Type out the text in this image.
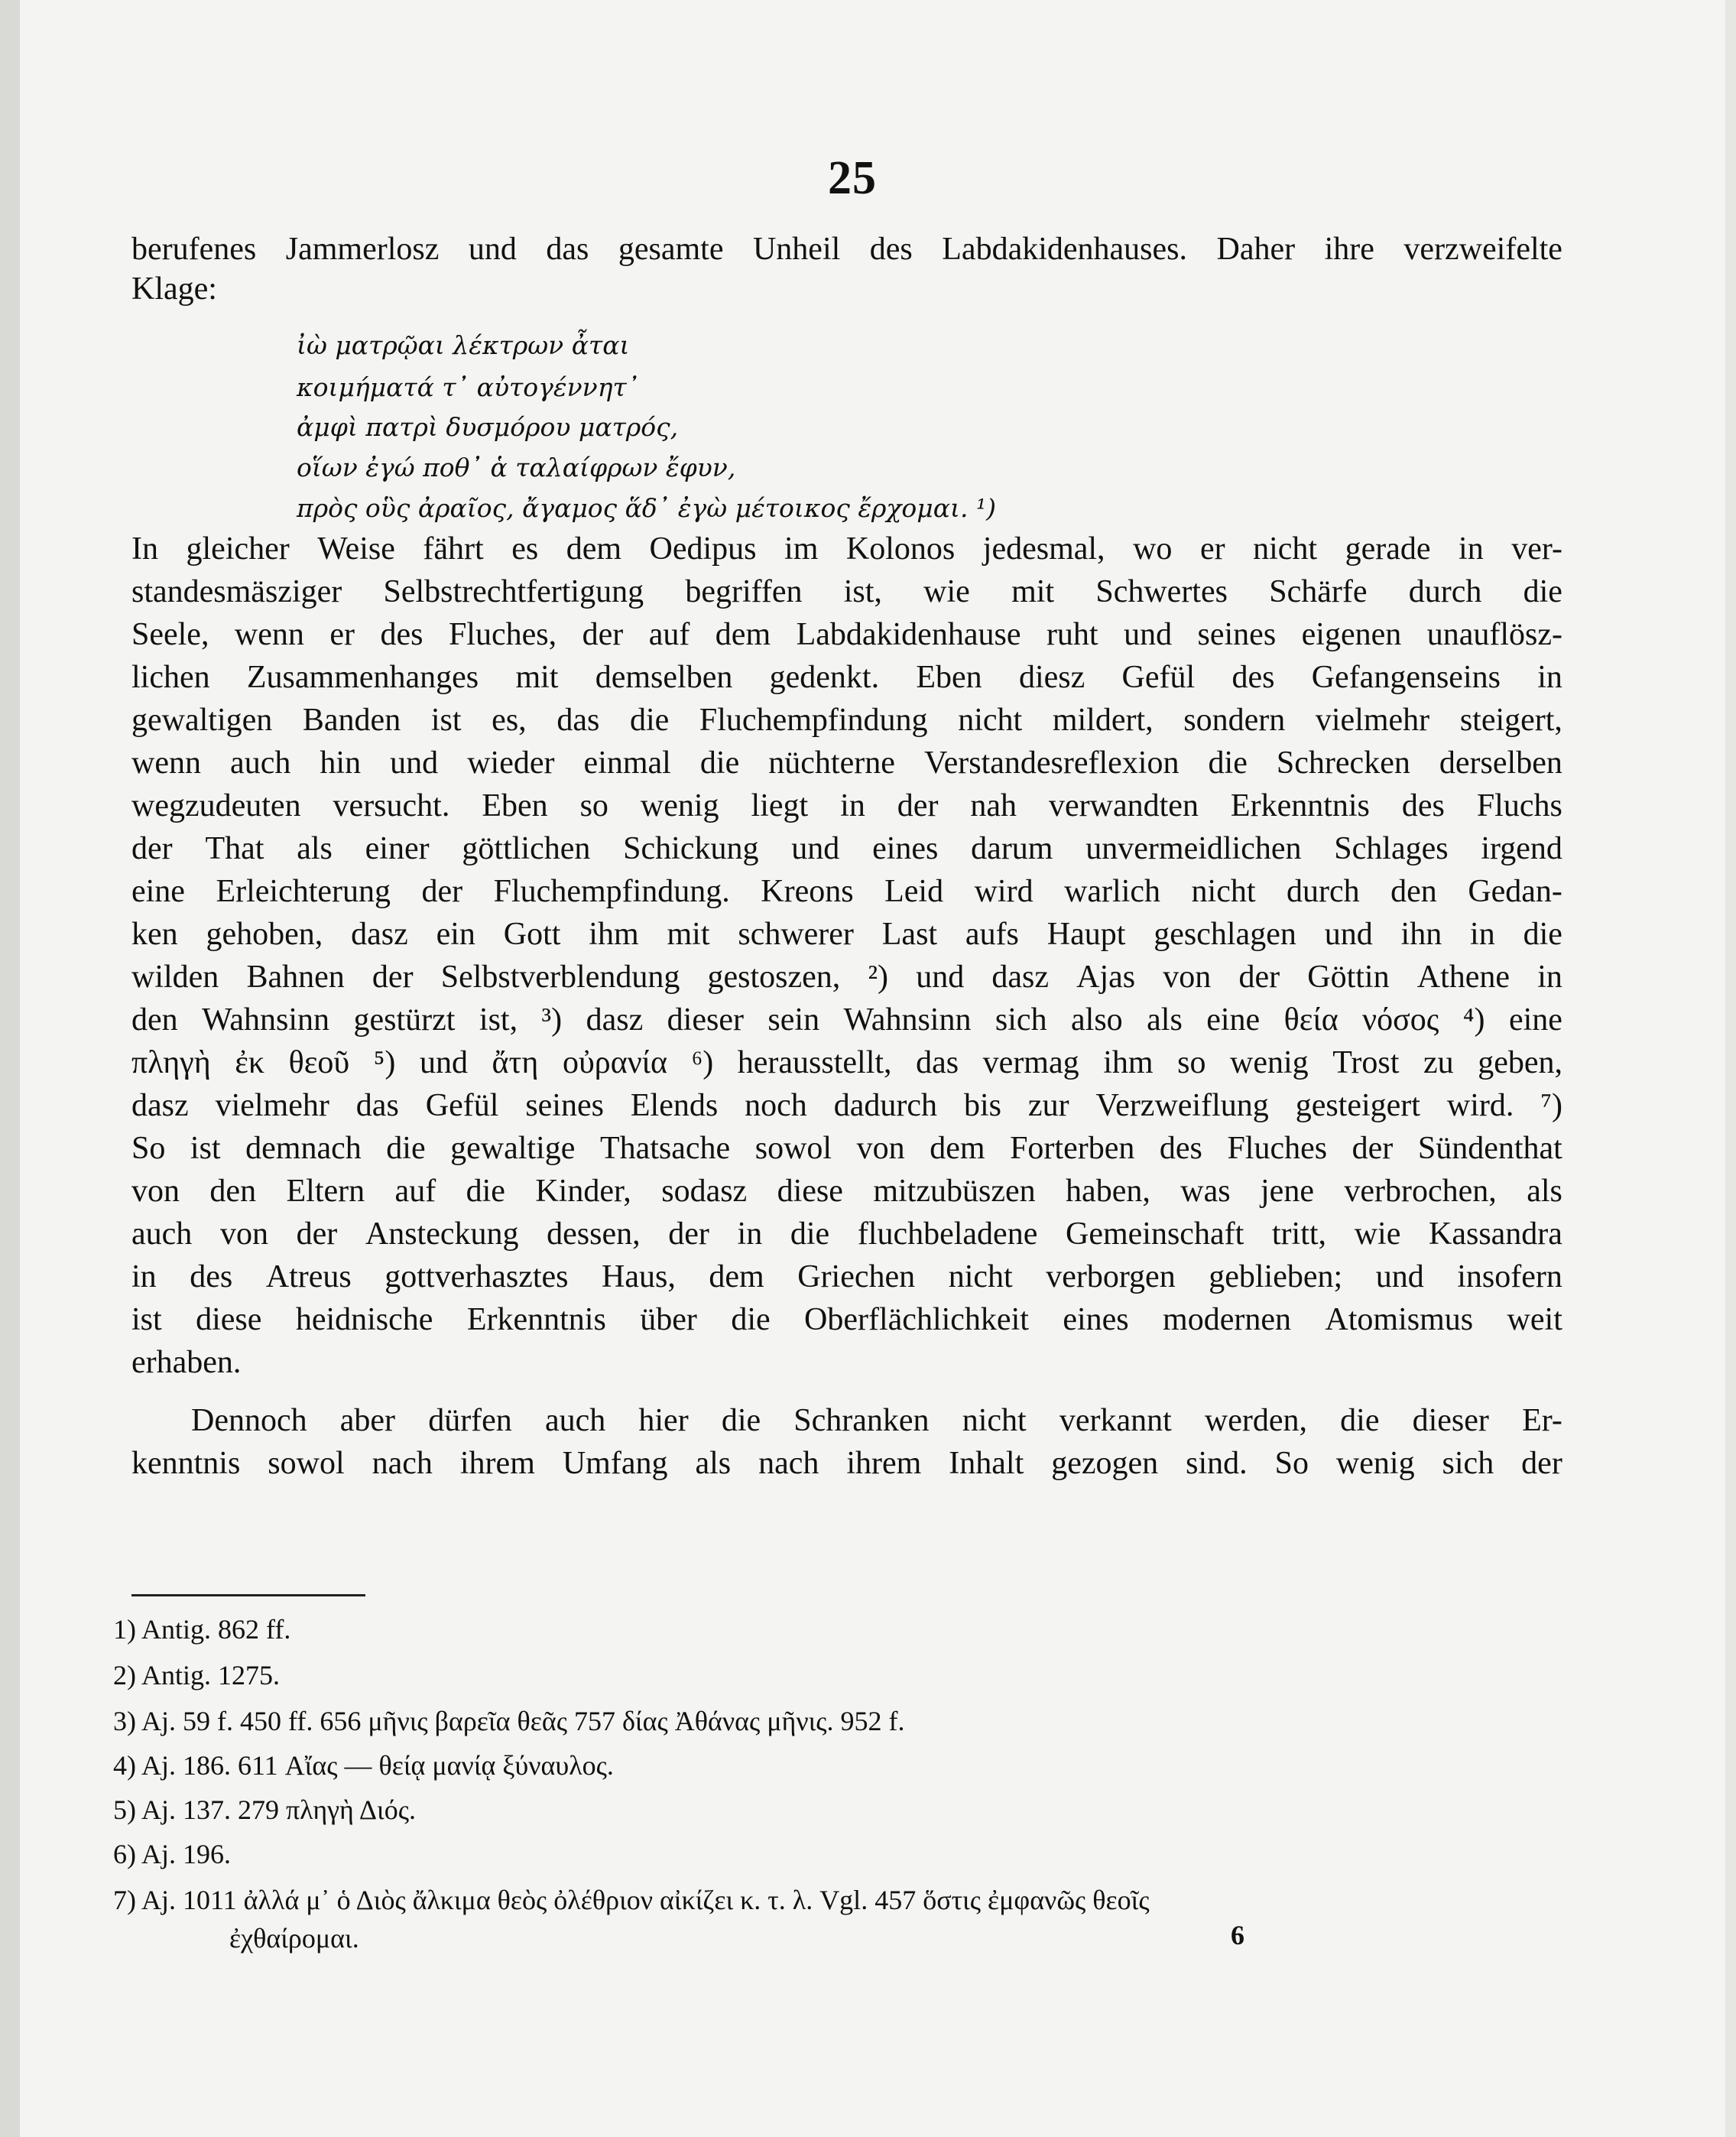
25
berufenes Jammerlosz und das gesamte Unheil des Labdakidenhauses. Daher ihre verzweifelte
Klage:
In gleicher Weise fährt es dem Oedipus im Kolonos jedesmal, wo er nicht gerade in ver-
standesmäsziger Selbstrechtfertigung begriffen ist, wie mit Schwertes Schärfe durch die
Seele, wenn er des Fluches, der auf dem Labdakidenhause ruht und seines eigenen unauflösz-
lichen Zusammenhanges mit demselben gedenkt. Eben diesz Gefül des Gefangenseins in
gewaltigen Banden ist es, das die Fluchempfindung nicht mildert, sondern vielmehr steigert,
wenn auch hin und wieder einmal die nüchterne Verstandesreflexion die Schrecken derselben
wegzudeuten versucht. Eben so wenig liegt in der nah verwandten Erkenntnis des Fluchs
der That als einer göttlichen Schickung und eines darum unvermeidlichen Schlages irgend
eine Erleichterung der Fluchempfindung. Kreons Leid wird warlich nicht durch den Gedan-
ken gehoben, dasz ein Gott ihm mit schwerer Last aufs Haupt geschlagen und ihn in die
wilden Bahnen der Selbstverblendung gestoszen, ²) und dasz Ajas von der Göttin Athene in
den Wahnsinn gestürzt ist, ³) dasz dieser sein Wahnsinn sich also als eine θεία νόσος ⁴) eine
πληγὴ ἐκ θεοῦ ⁵) und ἄτη οὐρανία ⁶) herausstellt, das vermag ihm so wenig Trost zu geben,
dasz vielmehr das Gefül seines Elends noch dadurch bis zur Verzweiflung gesteigert wird. ⁷)
So ist demnach die gewaltige Thatsache sowol von dem Forterben des Fluches der Sündenthat
von den Eltern auf die Kinder, sodasz diese mitzubüszen haben, was jene verbrochen, als
auch von der Ansteckung dessen, der in die fluchbeladene Gemeinschaft tritt, wie Kassandra
in des Atreus gottverhasztes Haus, dem Griechen nicht verborgen geblieben; und insofern
ist diese heidnische Erkenntnis über die Oberflächlichkeit eines modernen Atomismus weit
erhaben.
Dennoch aber dürfen auch hier die Schranken nicht verkannt werden, die dieser Er-
kenntnis sowol nach ihrem Umfang als nach ihrem Inhalt gezogen sind. So wenig sich der
ἰὼ ματρῷαι λέκτρων ἆται
κοιμήματά τ᾽ αὐτογέννητ᾽
ἀμφὶ πατρὶ δυσμόρου ματρός,
οἵων ἐγώ ποθ᾽ ἁ ταλαίφρων ἔφυν,
πρὸς οὓς ἀραῖος, ἄγαμος ἅδ᾽ ἐγὼ μέτοικος ἔρχομαι. ¹)
1) Antig. 862 ff.
2) Antig. 1275.
3) Aj. 59 f. 450 ff. 656 μῆνις βαρεῖα θεᾶς 757 δίας Ἀθάνας μῆνις. 952 f.
4) Aj. 186. 611 Αἴας — θείᾳ μανίᾳ ξύναυλος.
5) Aj. 137. 279 πληγὴ Διός.
6) Aj. 196.
7) Aj. 1011 ἀλλά μ᾽ ὁ Διὸς ἄλκιμα θεὸς ὀλέθριον αἰκίζει κ. τ. λ. Vgl. 457 ὅστις ἐμφανῶς θεοῖς
ἐχθαίρομαι.	6
